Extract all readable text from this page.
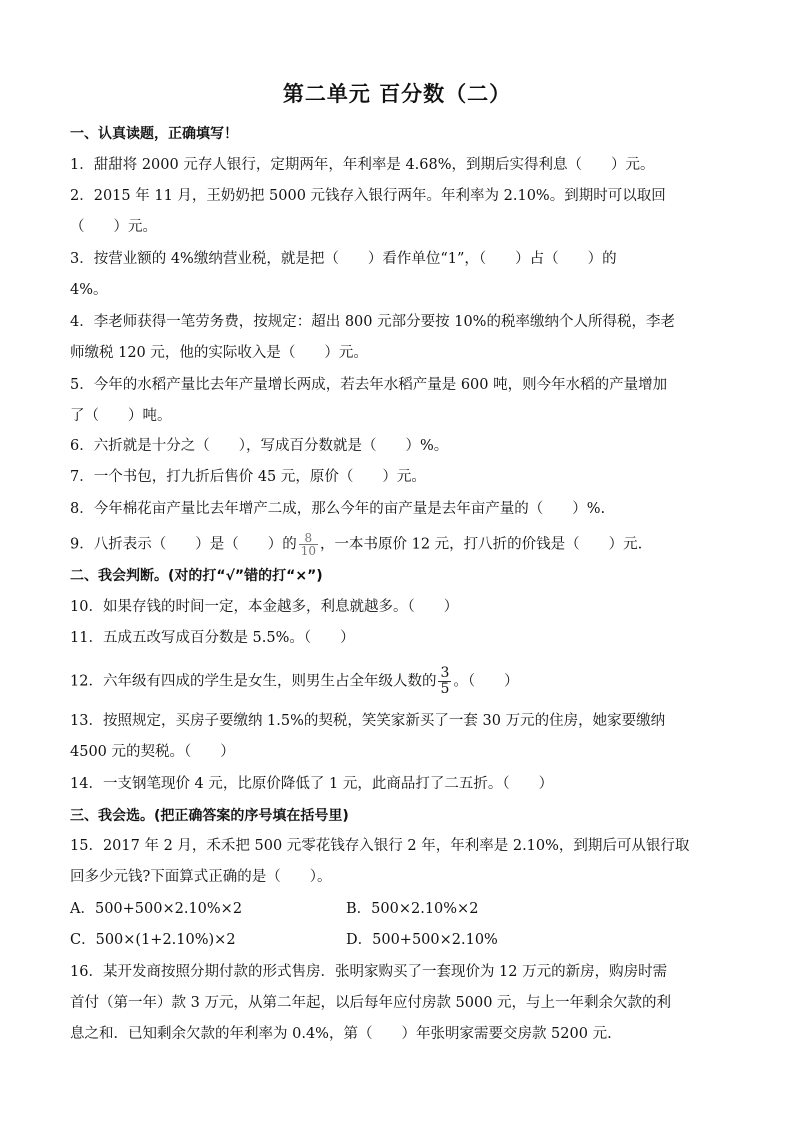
第二单元 百分数（二）
一、认真读题，正确填写！
1．甜甜将 2000 元存人银行，定期两年，年利率是 4.68%，到期后实得利息（　　）元。
2．2015 年 11 月，王奶奶把 5000 元钱存入银行两年。年利率为 2.10%。到期时可以取回
（　　）元。
3．按营业额的 4%缴纳营业税，就是把（　　）看作单位“1”，（　　）占（　　）的
4%。
4．李老师获得一笔劳务费，按规定：超出 800 元部分要按 10%的税率缴纳个人所得税，李老
师缴税 120 元，他的实际收入是（　　）元。
5．今年的水稻产量比去年产量增长两成，若去年水稻产量是 600 吨，则今年水稻的产量增加
了（　　）吨。
6．六折就是十分之（　　），写成百分数就是（　　）%。
7．一个书包，打九折后售价 45 元，原价（　　）元。
8．今年棉花亩产量比去年增产二成，那么今年的亩产量是去年亩产量的（　　）%.
9．八折表示（　　）是（　　）的 $\frac{8}{10}$ ，一本书原价 12 元，打八折的价钱是（　　）元.
二、我会判断。(对的打“√”错的打“×”)
10．如果存钱的时间一定，本金越多，利息就越多。（　　）
11．五成五改写成百分数是 5.5%。（　　）
12．六年级有四成的学生是女生，则男生占全年级人数的 $\frac{3}{5}$ 。（　　）
13．按照规定，买房子要缴纳 1.5%的契税，笑笑家新买了一套 30 万元的住房，她家要缴纳
4500 元的契税。（　　）
14．一支钢笔现价 4 元，比原价降低了 1 元，此商品打了二五折。（　　）
三、我会选。(把正确答案的序号填在括号里)
15．2017 年 2 月，禾禾把 500 元零花钱存入银行 2 年，年利率是 2.10%，到期后可从银行取
回多少元钱?下面算式正确的是（　　）。
A．500+500×2.10%×2	B．500×2.10%×2
C．500×(1+2.10%)×2	D．500+500×2.10%
16．某开发商按照分期付款的形式售房．张明家购买了一套现价为 12 万元的新房，购房时需
首付（第一年）款 3 万元，从第二年起，以后每年应付房款 5000 元，与上一年剩余欠款的利
息之和．已知剩余欠款的年利率为 0.4%，第（　　）年张明家需要交房款 5200 元.
